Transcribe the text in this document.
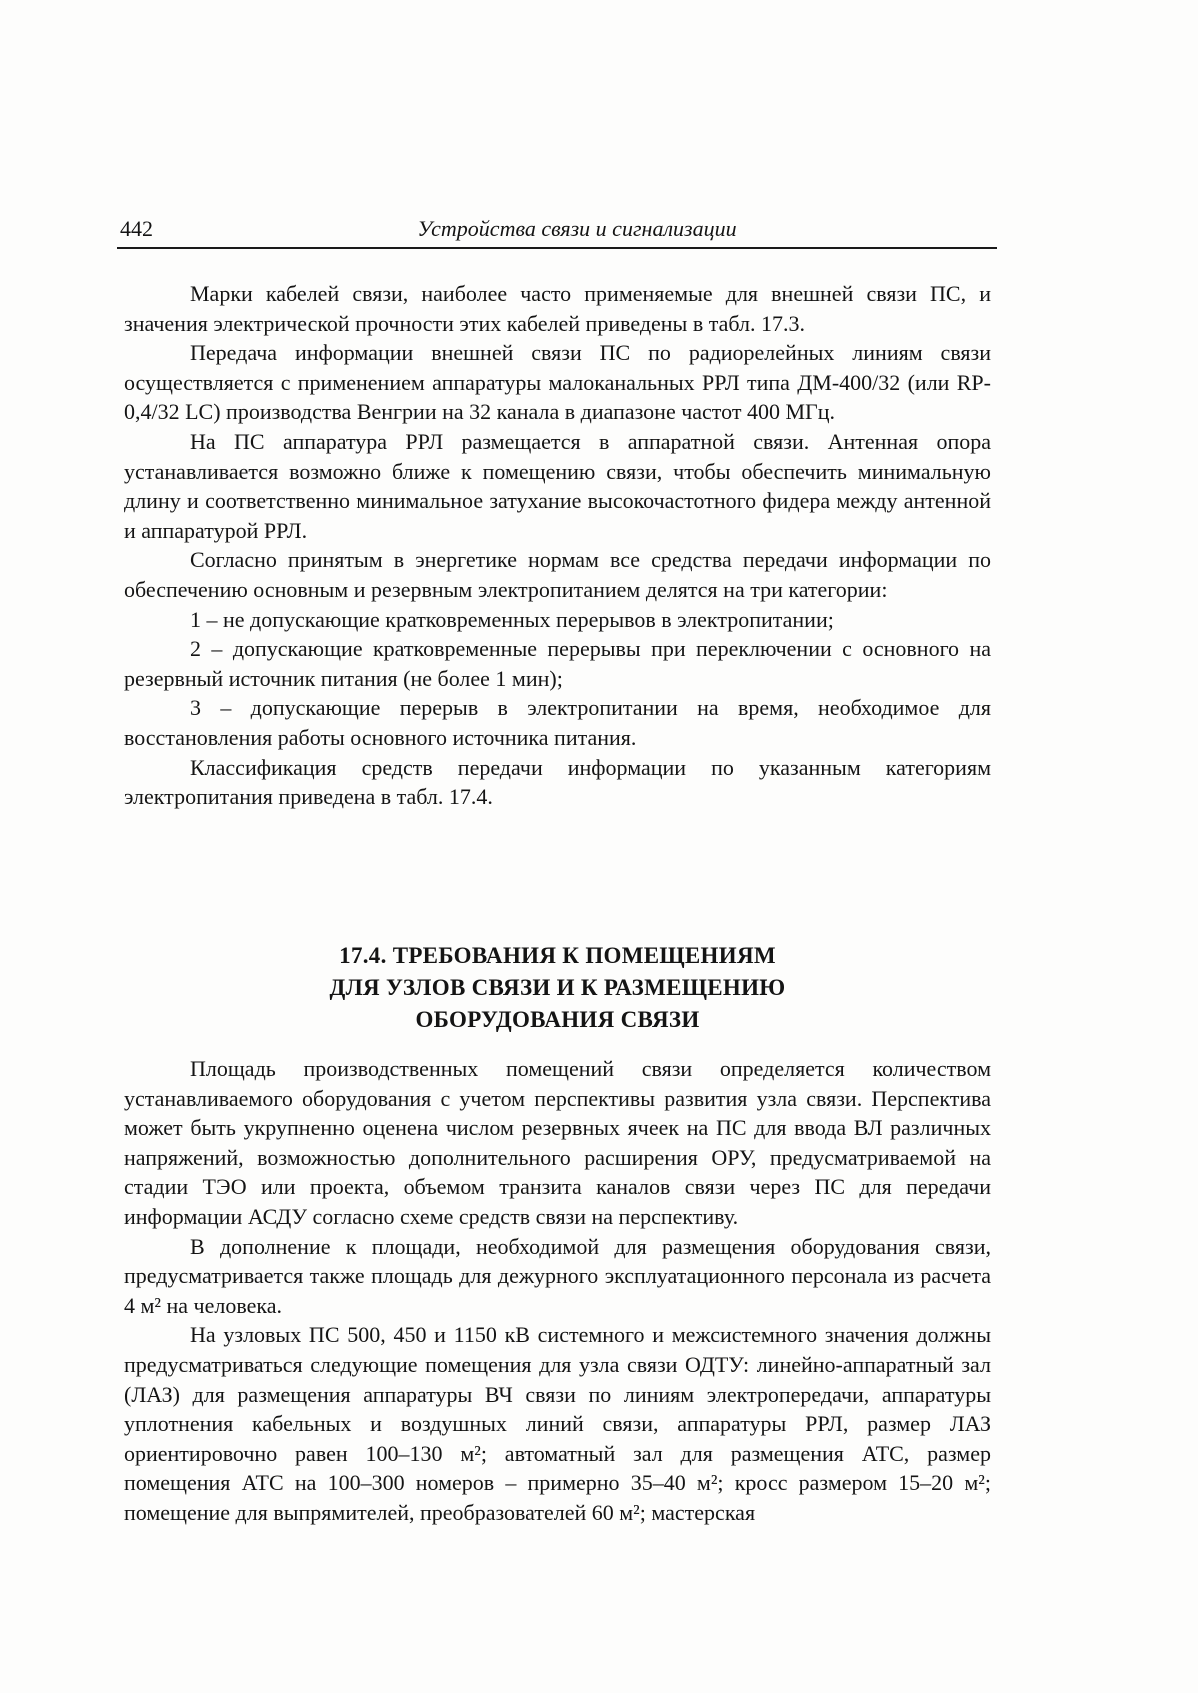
442	Устройства связи и сигнализации

Марки кабелей связи, наиболее часто применяемые для внешней связи ПС, и значения электрической прочности этих кабелей приведены в табл. 17.3.

Передача информации внешней связи ПС по радиорелейных линиям связи осуществляется с применением аппаратуры малоканальных РРЛ типа ДМ-400/32 (или RP-0,4/32 LC) производства Венгрии на 32 канала в диапазоне частот 400 МГц.

На ПС аппаратура РРЛ размещается в аппаратной связи. Антенная опора устанавливается возможно ближе к помещению связи, чтобы обеспечить минимальную длину и соответственно минимальное затухание высокочастотного фидера между антенной и аппаратурой РРЛ.

Согласно принятым в энергетике нормам все средства передачи информации по обеспечению основным и резервным электропитанием делятся на три категории:

1 – не допускающие кратковременных перерывов в электропитании;

2 – допускающие кратковременные перерывы при переключении с основного на резервный источник питания (не более 1 мин);

3 – допускающие перерыв в электропитании на время, необходимое для восстановления работы основного источника питания.

Классификация средств передачи информации по указанным категориям электропитания приведена в табл. 17.4.

17.4. ТРЕБОВАНИЯ К ПОМЕЩЕНИЯМ
ДЛЯ УЗЛОВ СВЯЗИ И К РАЗМЕЩЕНИЮ
ОБОРУДОВАНИЯ СВЯЗИ

Площадь производственных помещений связи определяется количеством устанавливаемого оборудования с учетом перспективы развития узла связи. Перспектива может быть укрупненно оценена числом резервных ячеек на ПС для ввода ВЛ различных напряжений, возможностью дополнительного расширения ОРУ, предусматриваемой на стадии ТЭО или проекта, объемом транзита каналов связи через ПС для передачи информации АСДУ согласно схеме средств связи на перспективу.

В дополнение к площади, необходимой для размещения оборудования связи, предусматривается также площадь для дежурного эксплуатационного персонала из расчета 4 м² на человека.

На узловых ПС 500, 450 и 1150 кВ системного и межсистемного значения должны предусматриваться следующие помещения для узла связи ОДТУ: линейно-аппаратный зал (ЛАЗ) для размещения аппаратуры ВЧ связи по линиям электропередачи, аппаратуры уплотнения кабельных и воздушных линий связи, аппаратуры РРЛ, размер ЛАЗ ориентировочно равен 100–130 м²; автоматный зал для размещения АТС, размер помещения АТС на 100–300 номеров – примерно 35–40 м²; кросс размером 15–20 м²; помещение для выпрямителей, преобразователей 60 м²; мастерская
